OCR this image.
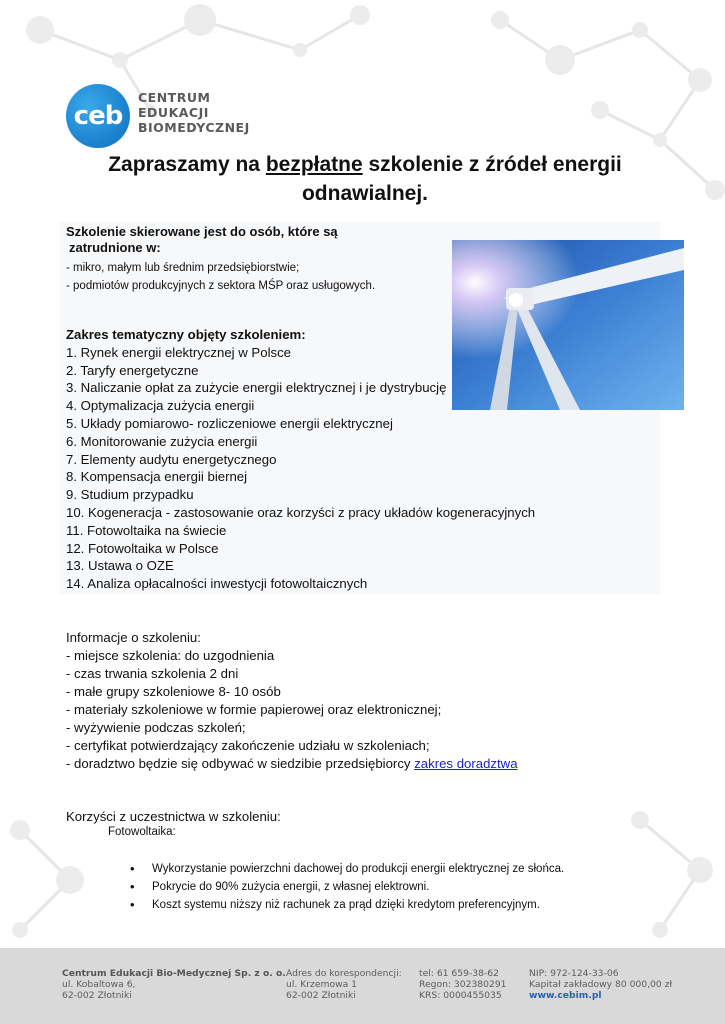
ceb
CENTRUM
EDUKACJI
BIOMEDYCZNEJ
Zapraszamy na bezpłatne szkolenie z źródeł energii
odnawialnej.
Szkolenie skierowane jest do osób, które są
zatrudnione w:
- mikro, małym lub średnim przedsiębiorstwie;
- podmiotów produkcyjnych z sektora MŚP oraz usługowych.
Zakres tematyczny objęty szkoleniem:
1. Rynek energii elektrycznej w Polsce
2. Taryfy energetyczne
3. Naliczanie opłat za zużycie energii elektrycznej i je dystrybucję
4. Optymalizacja zużycia energii
5. Układy pomiarowo- rozliczeniowe energii elektrycznej
6. Monitorowanie zużycia energii
7. Elementy audytu energetycznego
8. Kompensacja energii biernej
9. Studium przypadku
10. Kogeneracja - zastosowanie oraz korzyści z pracy układów kogeneracyjnych
11. Fotowoltaika na świecie
12. Fotowoltaika w Polsce
13. Ustawa o OZE
14. Analiza opłacalności inwestycji fotowoltaicznych
Informacje o szkoleniu:
- miejsce szkolenia: do uzgodnienia
- czas trwania szkolenia 2 dni
- małe grupy szkoleniowe 8- 10 osób
- materiały szkoleniowe w formie papierowej oraz elektronicznej;
- wyżywienie podczas szkoleń;
- certyfikat potwierdzający zakończenie udziału w szkoleniach;
- doradztwo będzie się odbywać w siedzibie przedsiębiorcy zakres doradztwa
Korzyści z uczestnictwa w szkoleniu:
Fotowoltaika:
• Wykorzystanie powierzchni dachowej do produkcji energii elektrycznej ze słońca.
• Pokrycie do 90% zużycia energii, z własnej elektrowni.
• Koszt systemu niższy niż rachunek za prąd dzięki kredytom preferencyjnym.
Centrum Edukacji Bio-Medycznej Sp. z o. o.
ul. Kobaltowa 6,
62-002 Złotniki
Adres do korespondencji:
ul. Krzemowa 1
62-002 Złotniki
tel: 61 659-38-62
Regon: 302380291
KRS: 0000455035
NIP: 972-124-33-06
Kapitał zakładowy 80 000,00 zł
www.cebim.pl
